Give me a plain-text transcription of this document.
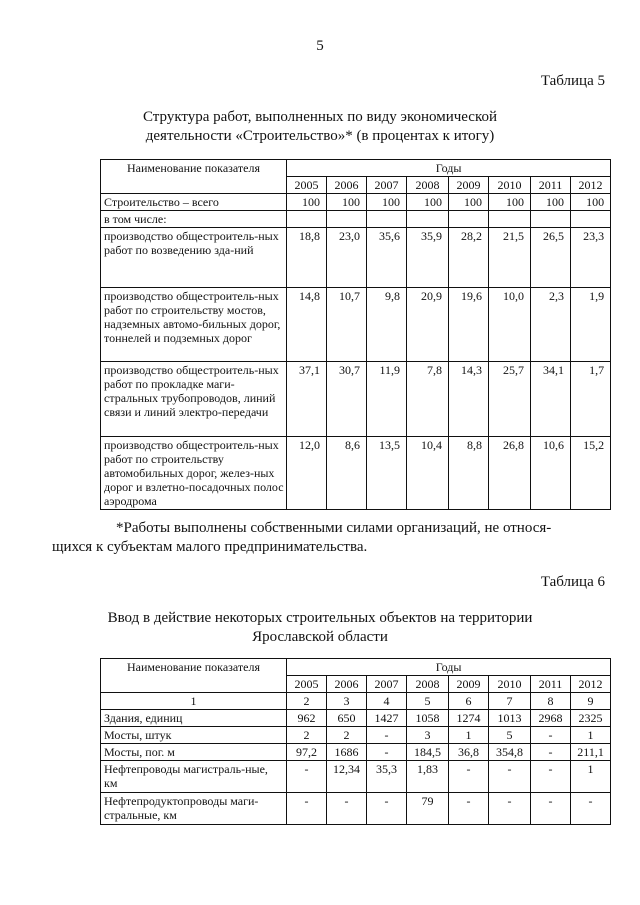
5
Таблица 5
Структура работ, выполненных по виду экономической
деятельности «Строительство»* (в процентах к итогу)
Наименование показателя	Годы							
	2005	2006	2007	2008	2009	2010	2011	2012
Строительство – всего	100	100	100	100	100	100	100	100
в том числе:								
производство общестроитель-ных работ по возведению зда-ний	18,8	23,0	35,6	35,9	28,2	21,5	26,5	23,3
производство общестроитель-ных работ по строительству мостов, надземных автомо-бильных дорог, тоннелей и подземных дорог	14,8	10,7	9,8	20,9	19,6	10,0	2,3	1,9
производство общестроитель-ных работ по прокладке маги-стральных трубопроводов, линий связи и линий электро-передачи	37,1	30,7	11,9	7,8	14,3	25,7	34,1	1,7
производство общестроитель-ных работ по строительству автомобильных дорог, желез-ных дорог и взлетно-посадочных полос аэродрома	12,0	8,6	13,5	10,4	8,8	26,8	10,6	15,2
*Работы выполнены собственными силами организаций, не относя-
щихся к субъектам малого предпринимательства.
Таблица 6
Ввод в действие некоторых строительных объектов на территории
Ярославской области
Наименование показателя	Годы							
	2005	2006	2007	2008	2009	2010	2011	2012
1	2	3	4	5	6	7	8	9
Здания, единиц	962	650	1427	1058	1274	1013	2968	2325
Мосты, штук	2	2	-	3	1	5	-	1
Мосты, пог. м	97,2	1686	-	184,5	36,8	354,8	-	211,1
Нефтепроводы магистраль-ные, км	-	12,34	35,3	1,83	-	-	-	1
Нефтепродуктопроводы маги-стральные, км	-	-	-	79	-	-	-	-
